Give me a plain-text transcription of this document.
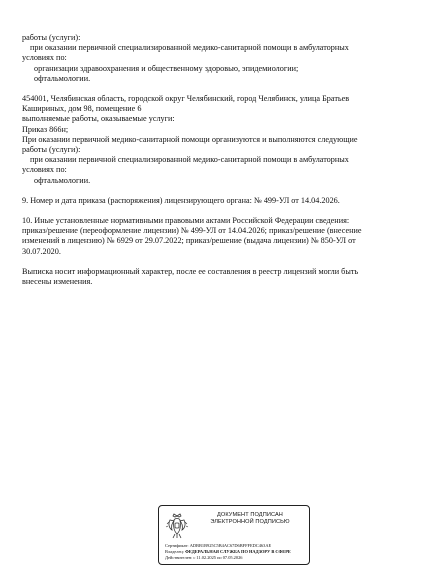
работы (услуги):

при оказании первичной специализированной медико-санитарной помощи в амбулаторных

условиях по:

организации здравоохранения и общественному здоровью, эпидемиологии;

офтальмологии.

454001, Челябинская область, городской округ Челябинский, город Челябинск, улица Братьев

Кашириных, дом 98, помещение 6

выполняемые работы, оказываемые услуги:

Приказ 866н;

При оказании первичной медико-санитарной помощи организуются и выполняются следующие

работы (услуги):

при оказании первичной специализированной медико-санитарной помощи в амбулаторных

условиях по:

офтальмологии.

9. Номер и дата приказа (распоряжения) лицензирующего органа: № 499-УЛ от 14.04.2026.

10. Иные установленные нормативными правовыми актами Российской Федерации сведения:

приказ/решение (переоформление лицензии) № 499-УЛ от 14.04.2026; приказ/решение (внесение

изменений в лицензию) № 6929 от 29.07.2022; приказ/решение (выдача лицензии) № 850-УЛ от

30.07.2020.

Выписка носит информационный характер, после ее составления в реестр лицензий могли быть

внесены изменения.

ДОКУМЕНТ ПОДПИСАН
ЭЛЕКТРОННОЙ ПОДПИСЬЮ
Сертификат: ADBB1B925C5B4AC67D6BFFFEDC463AE
Владелец: ФЕДЕРАЛЬНАЯ СЛУЖБА ПО НАДЗОРУ В СФЕРЕ
Действителен: с 11.02.2025 по 07.05.2026
